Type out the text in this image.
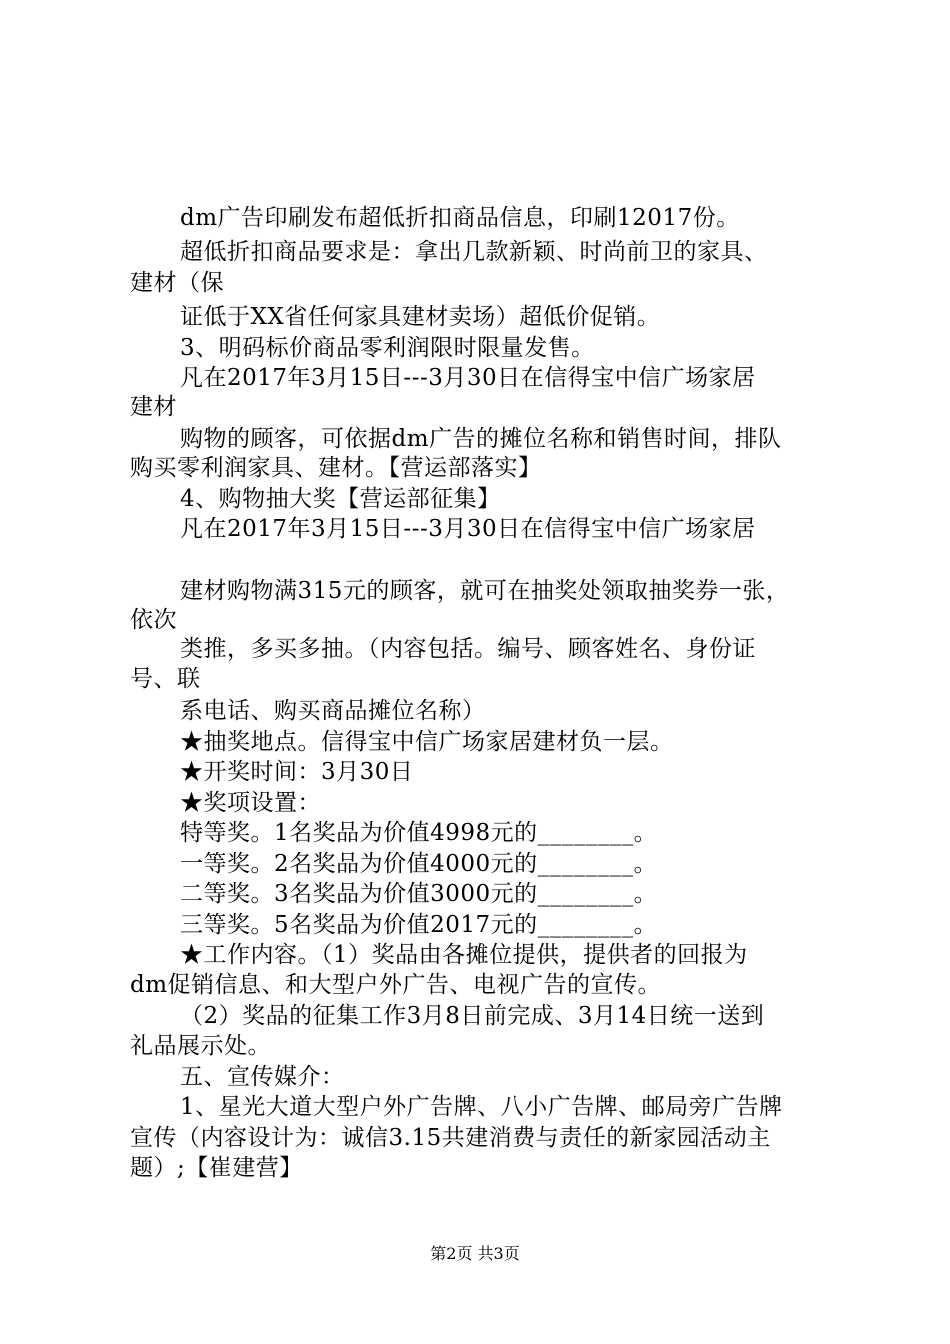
dm广告印刷发布超低折扣商品信息，印刷12017份。
超低折扣商品要求是：拿出几款新颖、时尚前卫的家具、
建材（保
证低于XX省任何家具建材卖场）超低价促销。
3、明码标价商品零利润限时限量发售。
凡在2017年3月15日---3月30日在信得宝中信广场家居
建材
购物的顾客，可依据dm广告的摊位名称和销售时间，排队
购买零利润家具、建材。【营运部落实】
4、购物抽大奖【营运部征集】
凡在2017年3月15日---3月30日在信得宝中信广场家居
建材购物满315元的顾客，就可在抽奖处领取抽奖券一张，
依次
类推，多买多抽。（内容包括。编号、顾客姓名、身份证
号、联
系电话、购买商品摊位名称）
★抽奖地点。信得宝中信广场家居建材负一层。
★开奖时间：3月30日
★奖项设置：
特等奖。1名奖品为价值4998元的________。
一等奖。2名奖品为价值4000元的________。
二等奖。3名奖品为价值3000元的________。
三等奖。5名奖品为价值2017元的________。
★工作内容。（1）奖品由各摊位提供，提供者的回报为
dm促销信息、和大型户外广告、电视广告的宣传。
（2）奖品的征集工作3月8日前完成、3月14日统一送到
礼品展示处。
五、宣传媒介：
1、星光大道大型户外广告牌、八小广告牌、邮局旁广告牌
宣传（内容设计为：诚信3.15共建消费与责任的新家园活动主
题）;【崔建营】
第2页 共3页
